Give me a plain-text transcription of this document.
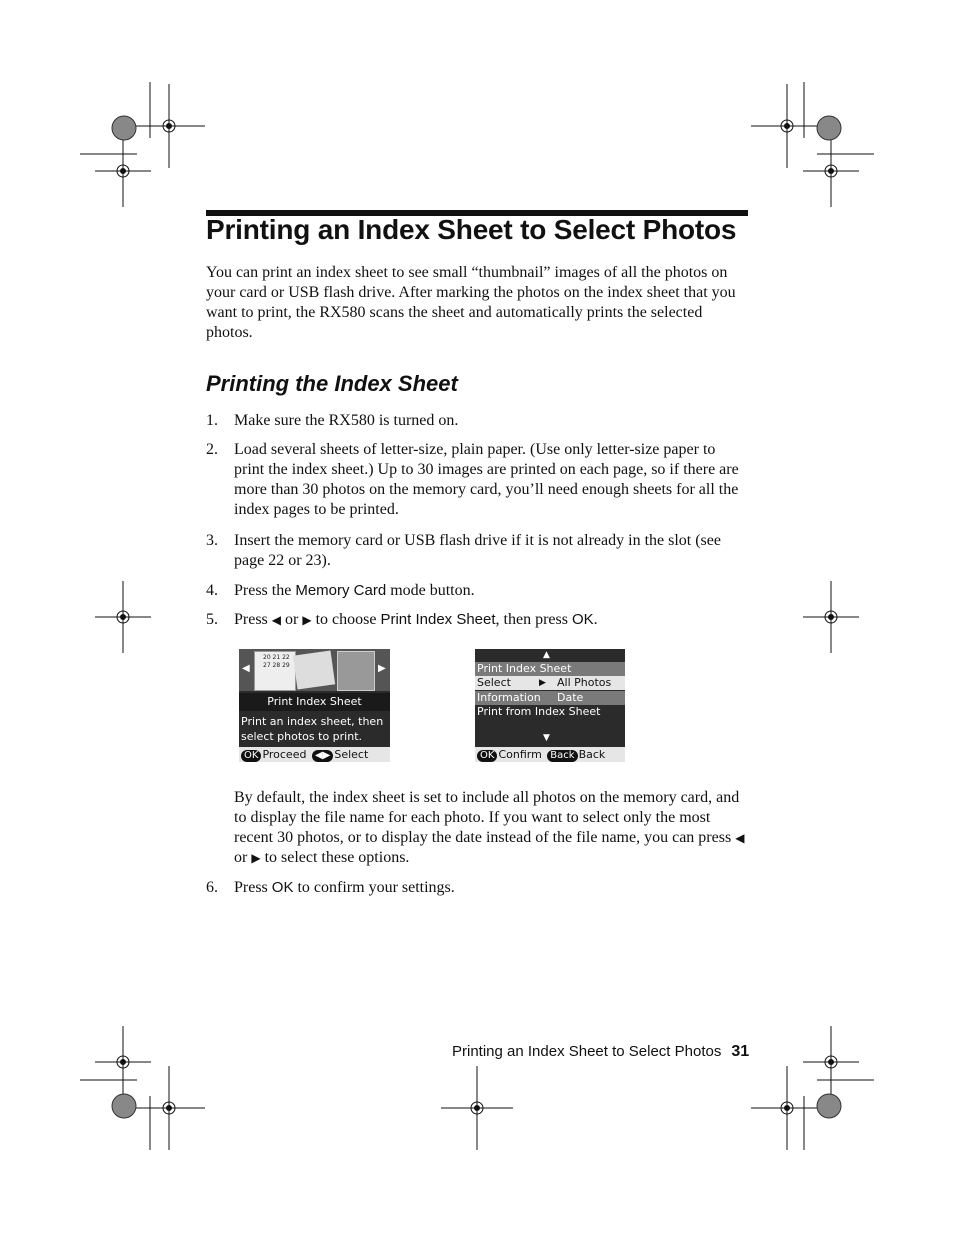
Printing an Index Sheet to Select Photos

You can print an index sheet to see small “thumbnail” images of all the photos on your card or USB flash drive. After marking the photos on the index sheet that you want to print, the RX580 scans the sheet and automatically prints the selected photos.

Printing the Index Sheet
1. Make sure the RX580 is turned on.
2. Load several sheets of letter-size, plain paper. (Use only letter-size paper to print the index sheet.) Up to 30 images are printed on each page, so if there are more than 30 photos on the memory card, you’ll need enough sheets for all the index pages to be printed.
3. Insert the memory card or USB flash drive if it is not already in the slot (see page 22 or 23).
4. Press the Memory Card mode button.
5. Press ◀ or ▶ to choose Print Index Sheet, then press OK.
◀	▶
20 21 22
27 28 29
Print Index Sheet
Print an index sheet, then
select photos to print.
OK Proceed ◀▶ Select
▲
Print Index Sheet
Select	▶ All Photos
Information Date
Print from Index Sheet
▼
OK Confirm Back Back

By default, the index sheet is set to include all photos on the memory card, and to display the file name for each photo. If you want to select only the most recent 30 photos, or to display the date instead of the file name, you can press ◀ or ▶ to select these options.

6. Press OK to confirm your settings.
Printing an Index Sheet to Select Photos 31
